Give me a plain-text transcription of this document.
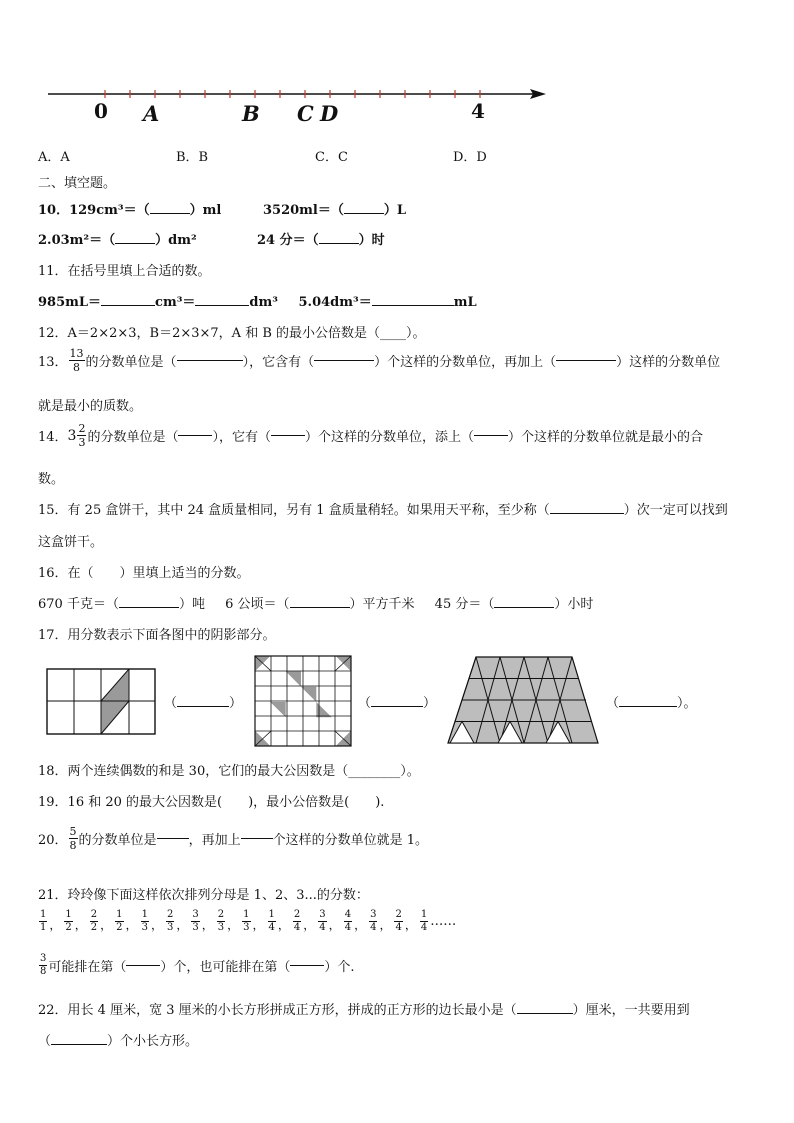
0 A	B C D	4
A．A	B．B	C．C	D．D
二、填空题。
10．129cm³＝（	）ml	3520ml＝（	）L
2.03m²＝（	）dm²	24 分＝（	）时
11．在括号里填上合适的数。
985mL＝	cm³＝	dm³ 5.04dm³＝	mL
12．A＝2×2×3，B＝2×3×7，A 和 B 的最小公倍数是（____）。
13． $\frac{13}{8}$ 的分数单位是（	），它含有（	）个这样的分数单位，再加上（	）这样的分数单位
就是最小的质数。
14． $3 \frac{2}{3}$ 的分数单位是（	），它有（	）个这样的分数单位，添上（	）个这样的分数单位就是最小的合
数。
15．有 25 盒饼干，其中 24 盒质量相同，另有 1 盒质量稍轻。如果用天平称，至少称（	）次一定可以找到
这盒饼干。
16．在（　　）里填上适当的分数。
670 千克＝（	）吨 6 公顷＝（	）平方千米 45 分＝（	）小时
17．用分数表示下面各图中的阴影部分。
（	）	（	）	（	）。
18．两个连续偶数的和是 30，它们的最大公因数是（________）。
19．16 和 20 的最大公因数是(　　)，最小公倍数是(　　).
20． $\frac{5}{8}$ 的分数单位是 ，再加上 个这样的分数单位就是 1。
21．玲玲像下面这样依次排列分母是 1、2、3...的分数：
$\frac{1}{1}$ ， $\frac{1}{2}$ ， $\frac{2}{2}$ ， $\frac{1}{2}$ ， $\frac{1}{3}$ ， $\frac{2}{3}$ ， $\frac{3}{3}$ ， $\frac{2}{3}$ ， $\frac{1}{3}$ ， $\frac{1}{4}$ ， $\frac{2}{4}$ ， $\frac{3}{4}$ ， $\frac{4}{4}$ ， $\frac{3}{4}$ ， $\frac{2}{4}$ ， $\frac{1}{4}$ ……
$\frac{3}{8}$ 可能排在第（	）个，也可能排在第（	）个.
22．用长 4 厘米，宽 3 厘米的小长方形拼成正方形，拼成的正方形的边长最小是（	）厘米，一共要用到
（	）个小长方形。
